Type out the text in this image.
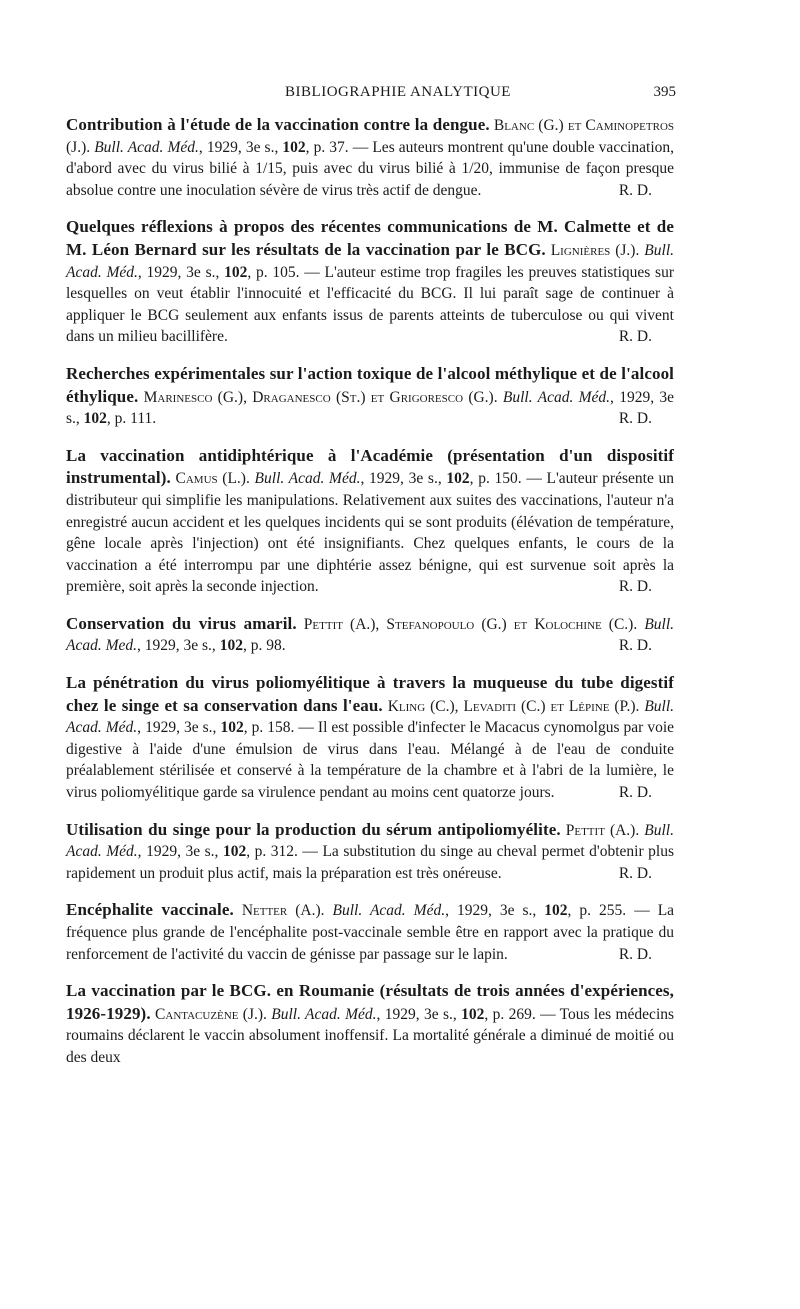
BIBLIOGRAPHIE ANALYTIQUE	395

Contribution à l'étude de la vaccination contre la dengue. Blanc (G.) et Caminopetros (J.). Bull. Acad. Méd., 1929, 3e s., 102, p. 37. — Les auteurs montrent qu'une double vaccination, d'abord avec du virus bilié à 1/15, puis avec du virus bilié à 1/20, immunise de façon presque absolue contre une inoculation sévère de virus très actif de dengue.	R. D.

Quelques réflexions à propos des récentes communications de M. Calmette et de M. Léon Bernard sur les résultats de la vaccination par le BCG. Lignières (J.). Bull. Acad. Méd., 1929, 3e s., 102, p. 105. — L'auteur estime trop fragiles les preuves statistiques sur lesquelles on veut établir l'innocuité et l'efficacité du BCG. Il lui paraît sage de continuer à appliquer le BCG seulement aux enfants issus de parents atteints de tuberculose ou qui vivent dans un milieu bacillifère.	R. D.

Recherches expérimentales sur l'action toxique de l'alcool méthylique et de l'alcool éthylique. Marinesco (G.), Draganesco (St.) et Grigoresco (G.). Bull. Acad. Méd., 1929, 3e s., 102, p. 111.	R. D.

La vaccination antidiphtérique à l'Académie (présentation d'un dispositif instrumental). Camus (L.). Bull. Acad. Méd., 1929, 3e s., 102, p. 150. — L'auteur présente un distributeur qui simplifie les manipulations. Relativement aux suites des vaccinations, l'auteur n'a enregistré aucun accident et les quelques incidents qui se sont produits (élévation de température, gêne locale après l'injection) ont été insignifiants. Chez quelques enfants, le cours de la vaccination a été interrompu par une diphtérie assez bénigne, qui est survenue soit après la première, soit après la seconde injection.	R. D.

Conservation du virus amaril. Pettit (A.), Stefanopoulo (G.) et Kolochine (C.). Bull. Acad. Med., 1929, 3e s., 102, p. 98.	R. D.

La pénétration du virus poliomyélitique à travers la muqueuse du tube digestif chez le singe et sa conservation dans l'eau. Kling (C.), Levaditi (C.) et Lépine (P.). Bull. Acad. Méd., 1929, 3e s., 102, p. 158. — Il est possible d'infecter le Macacus cynomolgus par voie digestive à l'aide d'une émulsion de virus dans l'eau. Mélangé à de l'eau de conduite préalablement stérilisée et conservé à la température de la chambre et à l'abri de la lumière, le virus poliomyélitique garde sa virulence pendant au moins cent quatorze jours.	R. D.

Utilisation du singe pour la production du sérum antipoliomyélite. Pettit (A.). Bull. Acad. Méd., 1929, 3e s., 102, p. 312. — La substitution du singe au cheval permet d'obtenir plus rapidement un produit plus actif, mais la préparation est très onéreuse.	R. D.

Encéphalite vaccinale. Netter (A.). Bull. Acad. Méd., 1929, 3e s., 102, p. 255. — La fréquence plus grande de l'encéphalite post-vaccinale semble être en rapport avec la pratique du renforcement de l'activité du vaccin de génisse par passage sur le lapin.	R. D.

La vaccination par le BCG. en Roumanie (résultats de trois années d'expériences, 1926-1929). Cantacuzène (J.). Bull. Acad. Méd., 1929, 3e s., 102, p. 269. — Tous les médecins roumains déclarent le vaccin absolument inoffensif. La mortalité générale a diminué de moitié ou des deux
